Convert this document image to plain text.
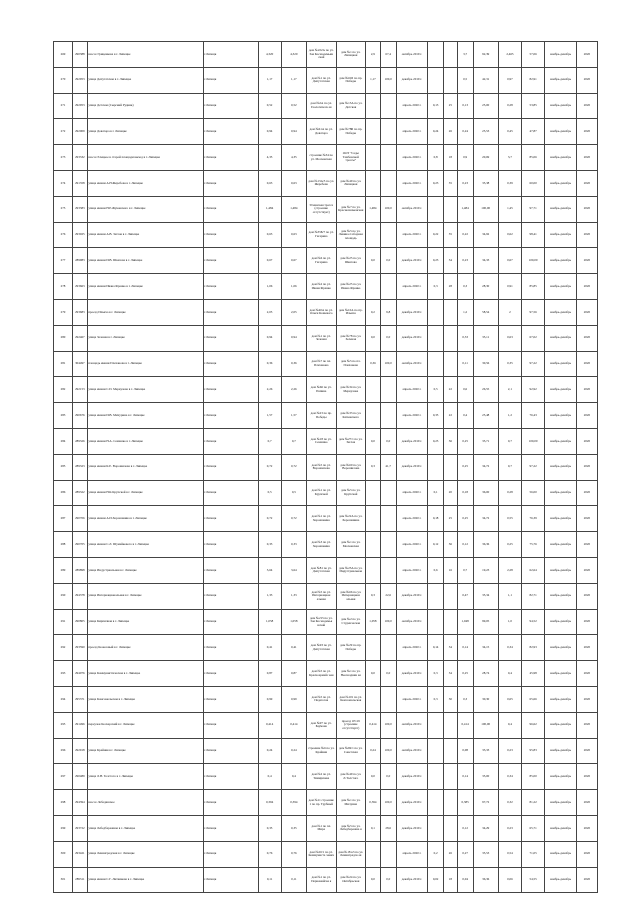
269	290388	шоссе Гриценкова в г. Липецке	г.Липецк	4,320	4,320	дом №222А по ул. Зоя Космодемьян ской	дом №1 по ул. Липецкая	2,9	67,4	октябрь 2019 г.			3,7	92,39	2,465	57,06	ноябрь-декабрь	2020
270	292953	улица Депутатская в г. Липецке	г.Липецк	1,17	1,17	дом №1 по ул. Депутатская	дом №61Б по пр. Победы	1,17	100,0	декабрь 2019 г.			0,5	42,31	0,97	82,91	ноябрь-декабрь	2020
271	292953	улица Детская (Сырский Рудник)	г.Липецк	0,52	0,52	дом №2А по ул. Геологическ ая	дом №13А по ул. Детская			апрель 2020 г.	0,13	25	0,13	25,00	0,28	53,85	ноябрь-декабрь	2020
272	292009	улица Доватора в г. Липецке	г.Липецк	0,94	0,94	дом №61А по ул. Доватора	дом №78Б по пр. Победы			апрель 2020 г.	0,24	26	0,24	25,53	0,45	47,87	ноябрь-декабрь	2020
273	293332	шоссе Елецкое в старой площади выход в г. Липецке	г.Липецк	4,35	4,35	строение №34 по ул. Московская	ООТ "Сады Тамбовской трассы"			апрель 2020 г.	0,8	18	0,9	20,69	3,7	85,06	ноябрь-декабрь	2020
274	291358	улица имени А.Н.Жеребова в г. Липецке	г.Липецк	0,63	0,63	дом №13А/5 по ул. Жеребова	дом №49 по ул. Липецкая			апрель 2020 г.	0,23	35	0,23	35,38	0,39	60,00	ноябрь-декабрь	2020
275	293383	улица имени Н.Е.Жуковского в г. Липецке	г.Липецк	1,484	1,484	Усманская трасса (строение отсутствует)	дом №7 по ул. Краснознаменская	1,484	100,0	октябрь 2019 г.			1,484	100,00	1,45	97,71	ноябрь-декабрь	2020
276	293025	улица имени А.В. Зеглов в г. Липецке	г.Липецк	0,63	0,63	дом №35Б/7 по ул. Гагарина	дом №5 по ул. Левина-Соборная площадь			апрель 2020 г.	0,22	35	0,22	34,92	0,62	98,41	ноябрь-декабрь	2020
277	289983	улица имени И.В. Шкатова в г. Липецке	г.Липецк	0,67	0,67	дом №6 по ул. Гагарина	дом №25 по ул. Шкатова	0,0	0,0	декабрь 2019 г.	0,23	34	0,23	34,33	0,67	100,00	ноябрь-декабрь	2020
278	293663	улица имени Ивана Франко в г. Липецке	г.Липецк	1,06	1,06	дом №2 по ул. Ивана Франко	дом №25 по ул. Ивана Франко			апрель 2020 г.	0,3	28	0,3	28,30	0,91	85,85	ноябрь-декабрь	2020
279	293683	проезд Ильича в г. Липецке	г.Липецк	2,05	2,05	дом №40А по ул. Ольги Кошевого	дом №10А по пр. Ильича	0,2	9,8	декабрь 2019 г.			1,2	58,54	2	97,56	ноябрь-декабрь	2020
280	292467	улица Зеленая в г. Липецке	г.Липецк	0,94	0,94	дом №1 по ул. Зеленая	дом №78 по ул. Зеленая	0,0	0,0	декабрь 2019 г.			0,33	35,11	0,63	67,02	ноябрь-декабрь	2020
281	304497	площадь имени Плеханова в г. Липецке	г.Липецк	0,36	0,36	дом №7 по пл. Плеханова	дом №5 по пл. Плеханова	0,36	100,0	октябрь 2019 г.			0,11	30,56	0,35	97,22	ноябрь-декабрь	2020
282	292153	улица имени С.П. Меркулова в г. Липецке	г.Липецк	2,26	2,26	дом №66 по ул. Папина	дом №34 по ул. Меркулова			апрель 2020 г.	0,5	22	0,6	26,55	2,1	92,92	ноябрь-декабрь	2020
283	290676	улица имени И.В. Мичурина в г. Липецке	г.Липецк	1,57	1,57	дом №23 по пр. Победы	дом №33 по ул. Катковского			апрель 2020 г.	0,35	22	0,4	25,48	1,2	76,43	ноябрь-декабрь	2020
284	289326	улица имени Н.А. Семашко в г. Липецке	г.Липецк	0,7	0,7	дом №18 по ул. Семашко	дом №27/1 по ул. Зеглов	0,0	0,0	декабрь 2019 г.	0,25	36	0,25	35,71	0,7	100,00	ноябрь-декабрь	2020
285	289323	улица имени К.Е. Ворошилова в г. Липецке	г.Липецк	0,72	0,72	дом №5 по ул. Ворошилова	дом №60 по ул. Ворошилова	0,3	41,7	декабрь 2019 г.			0,25	34,72	0,7	97,22	ноябрь-декабрь	2020
286	289322	улица имени Н.К.Крупской в г. Липецке	г.Липецк	0,5	0,5	дом №1 по ул. Крупской	дом №5 по ул. Крупской			апрель 2020 г.	0,1	20	0,18	36,00	0,28	56,00	ноябрь-декабрь	2020
287	290706	улица имени А.И.Хорошавина в г. Липецке	г.Липецк	0,72	0,72	дом №1 по ул. Хорошавина	дом №22А по ул. Хорошавина			апрель 2020 г.	0,18	25	0,25	34,72	0,55	76,39	ноябрь-декабрь	2020
288	290705	улица имени С.Л. Шумейкового в г. Липецке	г.Липецк	0,33	0,33	дом №3 по ул. Хорошавина	дом №1 по ул. Московская			апрель 2020 г.	0,12	36	0,12	36,36	0,25	75,76	ноябрь-декабрь	2020
289	289898	улица Индустриальная в г. Липецке	г.Липецк	3,64	3,64	дом №81 по ул. Депутатская	дом №23А по ул. Индустриальная			апрель 2020 г.	0,6	16	0,7	19,23	2,28	62,64	ноябрь-декабрь	2020
290	294378	улица Интернациональная в г. Липецке	г.Липецк	1,33	1,33	дом №5 по ул. Интернацион альная	дом №66 по ул. Интернацион альная	0,3	22,6	декабрь 2019 г.			0,47	35,34	1,1	82,71	ноябрь-декабрь	2020
291	290805	улица Кирпичная в г. Липецке	г.Липецк	1,058	1,058	дом №215 по ул. Зоя Космодемья нской	дом №2 по ул. Студенческая	1,058	100,0	октябрь 2019 г.			1,048	99,05	1,0	94,52	ноябрь-декабрь	2020
292	293590	проезд Кооксовый в г. Липецке	г.Липецк	0,41	0,41	дом №93 по ул. Депутатская	дом №29 по пр. Победы			апрель 2020 г.	0,14	34	0,14	34,15	0,34	82,93	ноябрь-декабрь	2020
293	294076	улица Коммунистическая в г. Липецке	г.Липецк	0,87	0,87	дом №5 по ул. Красноармейс кая	дом №1 по ул. Неопозднян ая	0,0	0,0	декабрь 2019 г.	0,3	34	0,25	28,74	0,4	45,98	ноябрь-декабрь	2020
294	295371	улица Комсомольская в г. Липецке	г.Липецк	0,99	0,99	дом №5 по ул. Педагогов	дом №101 по ул. Комсомольская			апрель 2020 г.	0,3	30	0,3	30,30	0,65	65,66	ноябрь-декабрь	2020
295	291496	переулок Коскарский в г. Липецке	г.Липецк	0,414	0,414	дом №97 по ул. Баумана	проезд 1Р119 (строение отсутствует)	0,414	100,0	октябрь 2019 г.			0,414	100,00	0,4	96,62	ноябрь-декабрь	2020
296	292918	улица Крайняя в г. Липецке	г.Липецк	0,24	0,24	строение №6 по ул. Крайняя	дом №69/1 по ул. Советская	0,24	100,0	октябрь 2019 г.			0,08	33,33	0,23	95,83	ноябрь-декабрь	2020
297	290489	улица Л.Н. Толстого в г. Липецке	г.Липецк	0,4	0,4	дом №2 по ул. Тимирязева	дом №49 по ул. Л.Толстого	0,0	0,0	декабрь 2019 г.			0,14	35,00	0,34	85,00	ноябрь-декабрь	2020
298	294394	шоссе Лебедянское	г.Липецк	0,394	0,394	дом №11 строение 1 по пр. Трубный	дом №1 по ул. Мичуина	0,394	100,0	декабрь 2019 г.			0,385	97,72	0,32	81,22	ноябрь-декабрь	2020
299	293722	улица Лебедбережная в г. Липецке	г.Липецк	0,35	0,35	дом №1 по пл. Мира	дом №5 по ул. Лебедбережна я	0,1	28,6	декабрь 2019 г.			0,12	34,29	0,23	65,71	ноябрь-декабрь	2020
300	293421	улица Ленинградская в г. Липецке	г.Липецк	0,76	0,76	дом №20/1 по ул. Коммуниста чеких	дом №18 к3 по ул. Ленинградск ая			апрель 2020 г.	0,2	26	0,27	35,53	0,54	71,05	ноябрь-декабрь	2020
301	289311	улица имени С.Г. Литвинова в г. Липецке	г.Липецк	0,11	0,11	дом №1 по ул. Первомайска я	дом №24 по ул. Октябрьская	0,0	0,0	декабрь 2019 г.	0,02	18	0,04	36,36	0,06	54,55	ноябрь-декабрь	2020
